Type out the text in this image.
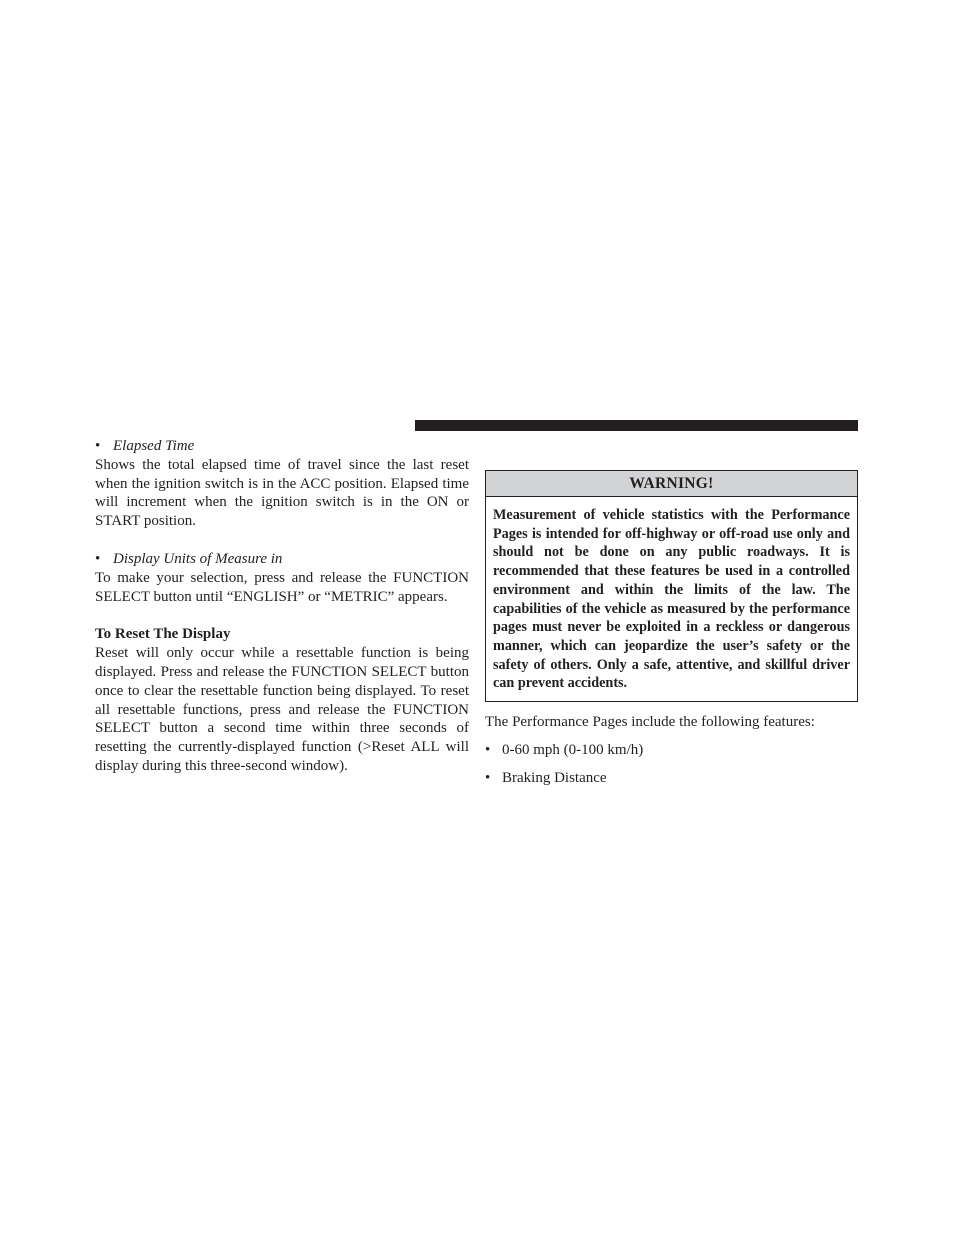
• Elapsed Time

Shows the total elapsed time of travel since the last reset when the ignition switch is in the ACC position. Elapsed time will increment when the ignition switch is in the ON or START position.

• Display Units of Measure in

To make your selection, press and release the FUNCTION SELECT button until “ENGLISH” or “METRIC” appears.

To Reset The Display

Reset will only occur while a resettable function is being displayed. Press and release the FUNCTION SELECT button once to clear the resettable function being displayed. To reset all resettable functions, press and release the FUNCTION SELECT button a second time within three seconds of resetting the currently-displayed function (>Reset ALL will display during this three-second window).

WARNING!
Measurement of vehicle statistics with the Performance Pages is intended for off-highway or off-road use only and should not be done on any public roadways. It is recommended that these features be used in a controlled environment and within the limits of the law. The capabilities of the vehicle as measured by the performance pages must never be exploited in a reckless or dangerous manner, which can jeopardize the user’s safety or the safety of others. Only a safe, attentive, and skillful driver can prevent accidents.

The Performance Pages include the following features:

• 0-60 mph (0-100 km/h)
• Braking Distance
